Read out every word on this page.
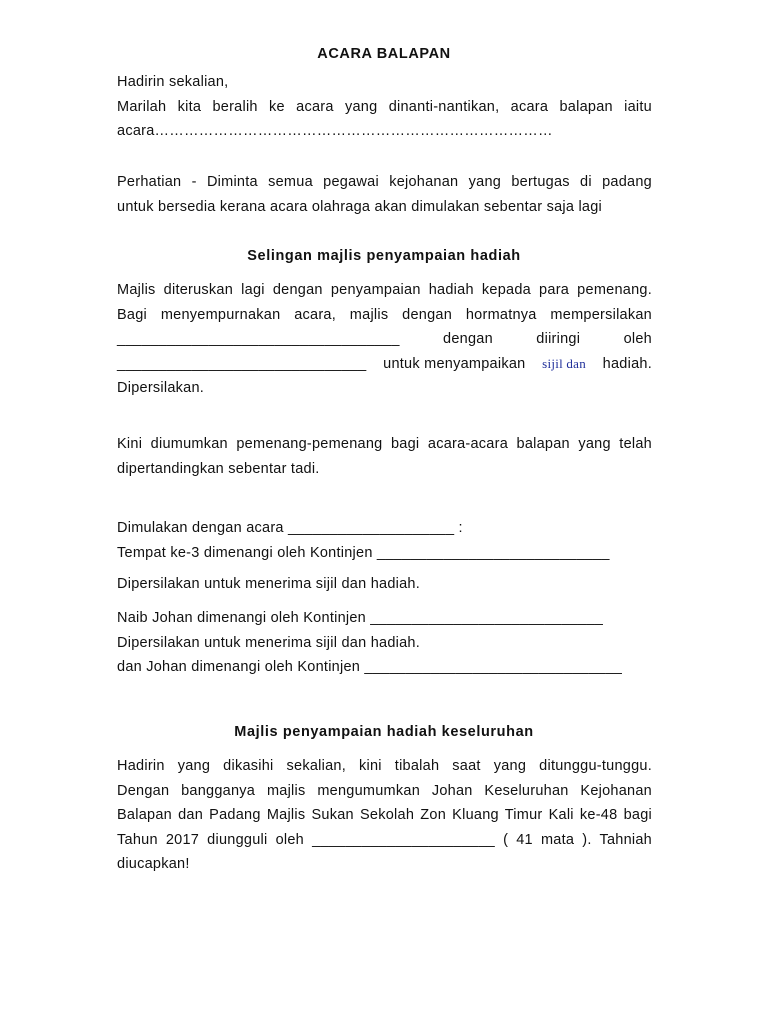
ACARA BALAPAN
Hadirin sekalian,
Marilah kita beralih ke acara yang dinanti-nantikan, acara balapan iaitu
acara………………………………………………………………………
Perhatian - Diminta semua pegawai kejohanan yang bertugas di padang
untuk bersedia kerana acara olahraga akan dimulakan sebentar saja lagi
Selingan majlis penyampaian hadiah
Majlis diteruskan lagi dengan penyampaian hadiah kepada para pemenang.
Bagi menyempurnakan acara, majlis dengan hormatnya mempersilakan
__________________________________	dengan	diiringi	oleh
______________________________ untuk menyampaikan sijil dan hadiah.
Dipersilakan.
Kini diumumkan pemenang-pemenang bagi acara-acara balapan yang telah
dipertandingkan sebentar tadi.
Dimulakan dengan acara ____________________ :
Tempat ke-3 dimenangi oleh Kontinjen ____________________________
Dipersilakan untuk menerima sijil dan hadiah.
Naib Johan dimenangi oleh Kontinjen ____________________________
Dipersilakan untuk menerima sijil dan hadiah.
dan Johan dimenangi oleh Kontinjen _______________________________
Majlis penyampaian hadiah keseluruhan
Hadirin yang dikasihi sekalian, kini tibalah saat yang ditunggu-tunggu.
Dengan bangganya majlis mengumumkan Johan Keseluruhan Kejohanan
Balapan dan Padang Majlis Sukan Sekolah Zon Kluang Timur Kali ke-48 bagi
Tahun 2017 diungguli oleh ______________________ ( 41 mata ). Tahniah
diucapkan!
